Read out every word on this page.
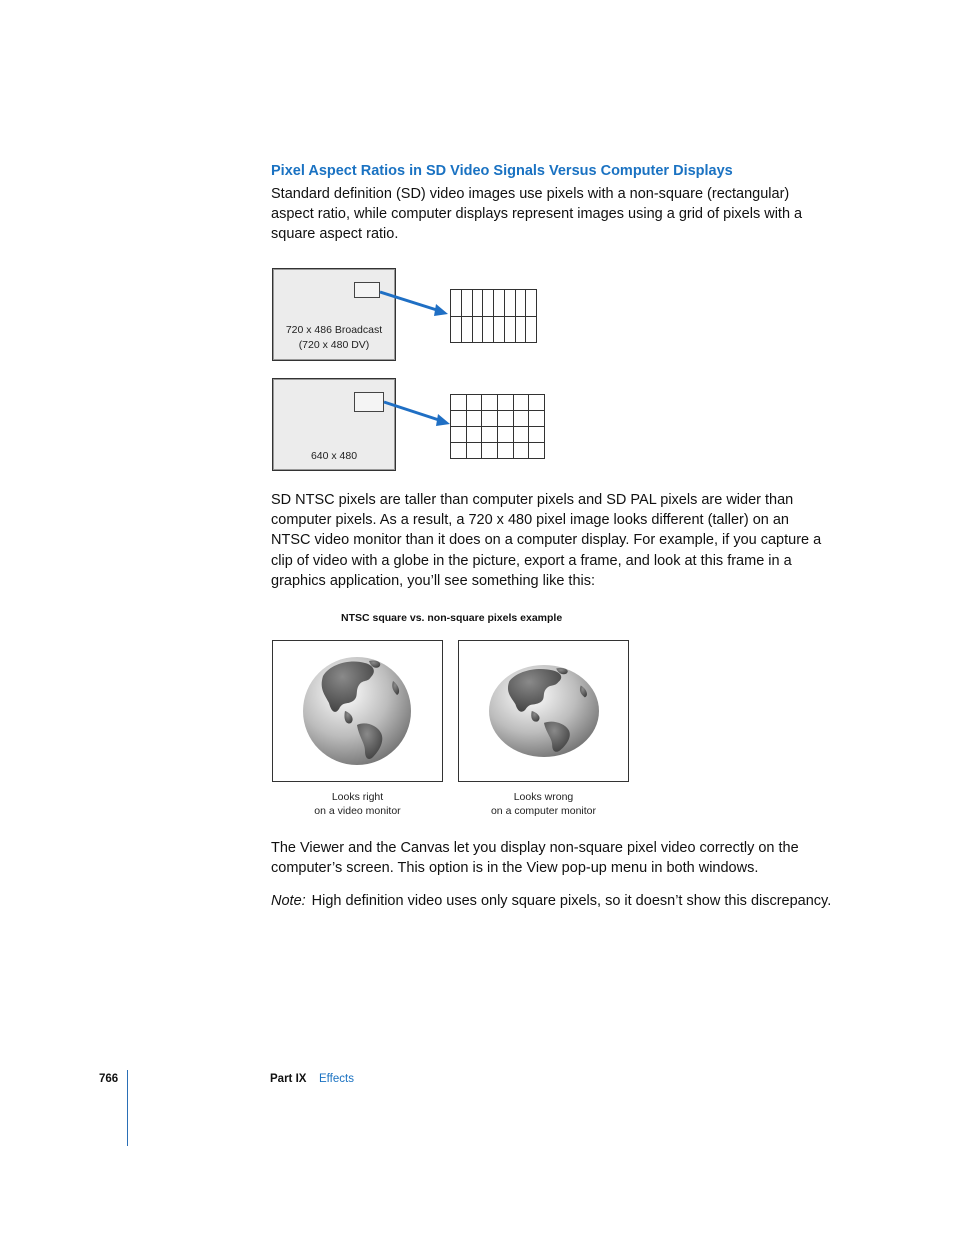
Pixel Aspect Ratios in SD Video Signals Versus Computer Displays
Standard definition (SD) video images use pixels with a non-square (rectangular) aspect ratio, while computer displays represent images using a grid of pixels with a square aspect ratio.
720 x 486 Broadcast
(720 x 480 DV)
640 x 480
SD NTSC pixels are taller than computer pixels and SD PAL pixels are wider than computer pixels. As a result, a 720 x 480 pixel image looks different (taller) on an NTSC video monitor than it does on a computer display. For example, if you capture a clip of video with a globe in the picture, export a frame, and look at this frame in a graphics application, you’ll see something like this:
NTSC square vs. non-square pixels example
Looks right
on a video monitor
Looks wrong
on a computer monitor
The Viewer and the Canvas let you display non-square pixel video correctly on the computer’s screen. This option is in the View pop-up menu in both windows.
Note: High definition video uses only square pixels, so it doesn’t show this discrepancy.
766	Part IX Effects
